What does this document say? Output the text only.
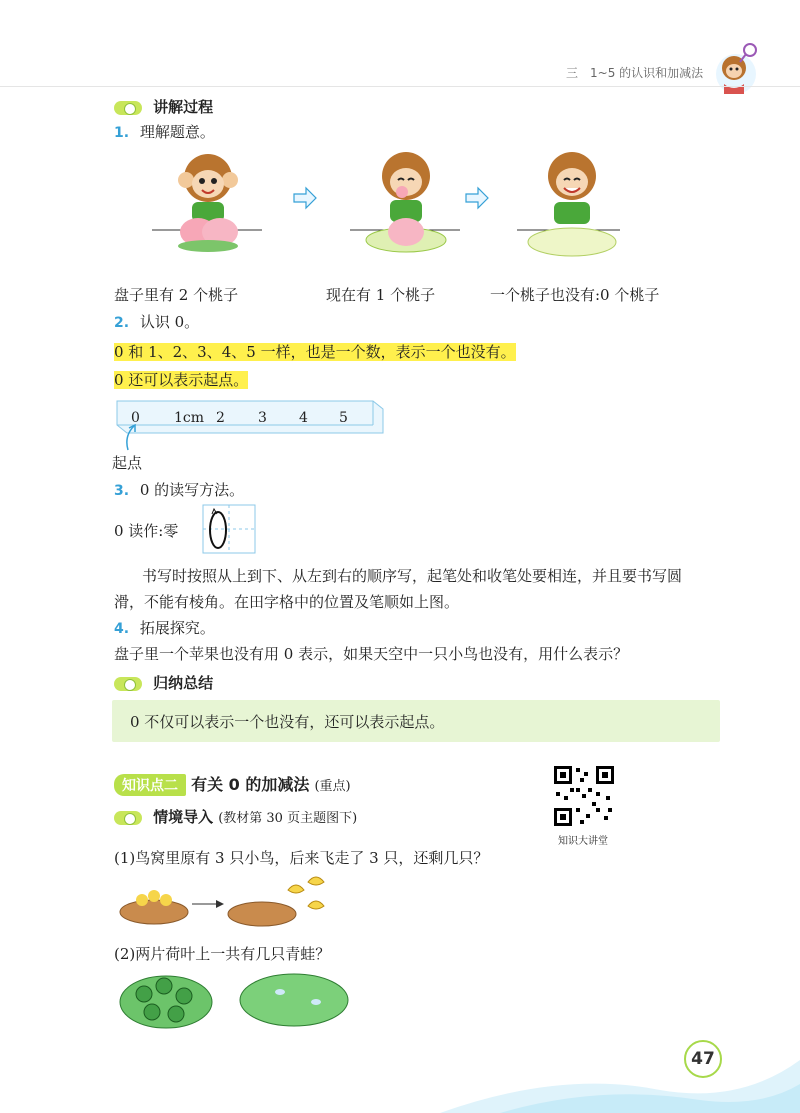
三　1~5 的认识和加减法
讲解过程
1. 理解题意。
盘子里有 2 个桃子	现在有 1 个桃子	一个桃子也没有:0 个桃子
2. 认识 0。
0 和 1、2、3、4、5 一样，也是一个数，表示一个也没有。
0 还可以表示起点。
0 1cm 2 3 4 5
起点
3. 0 的读写方法。
0 读作:零
书写时按照从上到下、从左到右的顺序写，起笔处和收笔处要相连，并且要书写圆
滑，不能有棱角。在田字格中的位置及笔顺如上图。
4. 拓展探究。
盘子里一个苹果也没有用 0 表示，如果天空中一只小鸟也没有，用什么表示？
归纳总结
0 不仅可以表示一个也没有，还可以表示起点。
知识点二 有关 0 的加减法 (重点)
知识大讲堂
情境导入 (教材第 30 页主题图下)
(1)鸟窝里原有 3 只小鸟，后来飞走了 3 只，还剩几只？
(2)两片荷叶上一共有几只青蛙？
47
